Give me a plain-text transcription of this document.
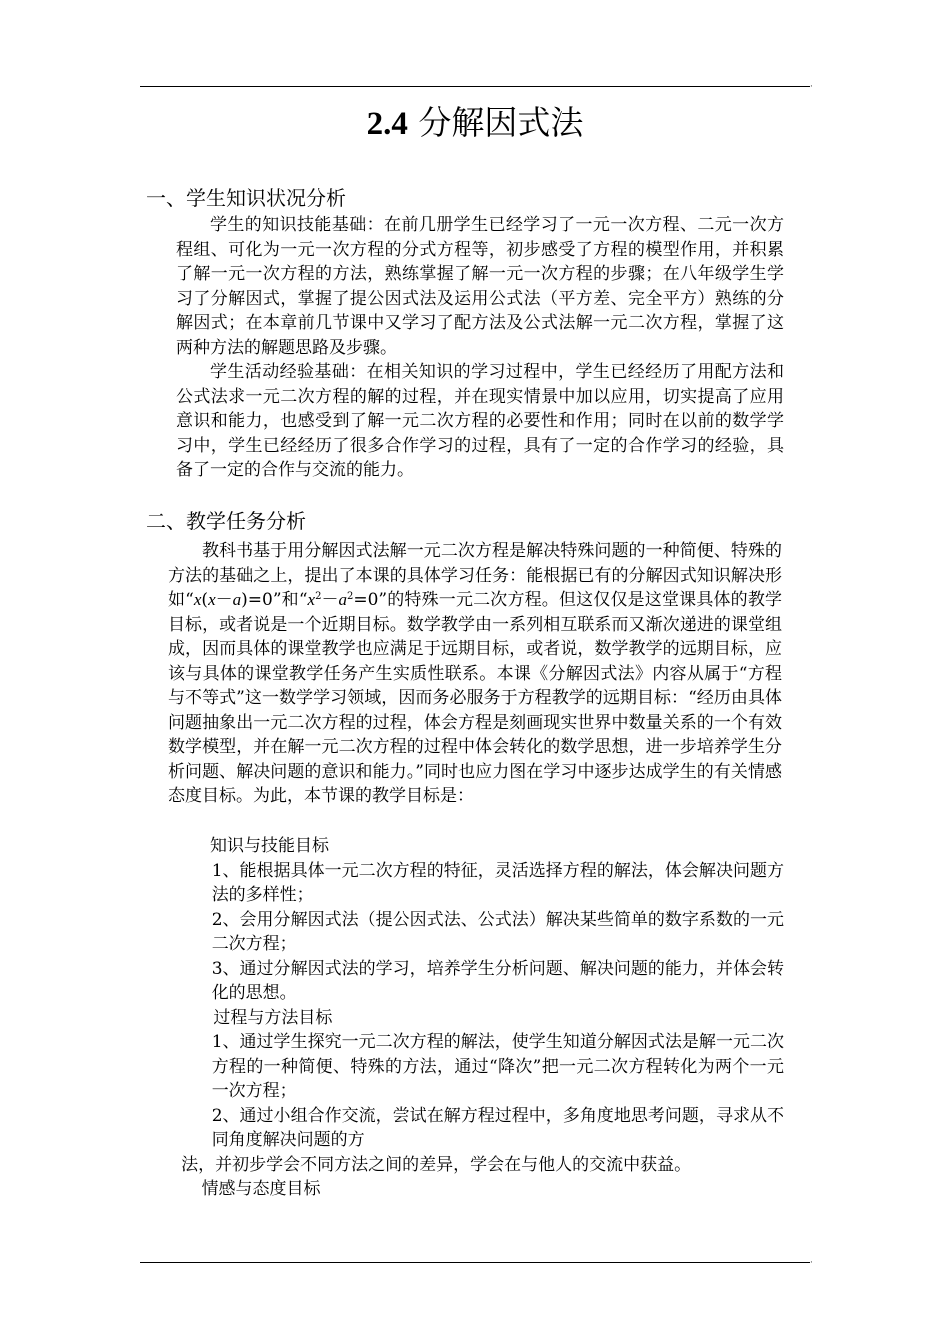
'
2.4 分解因式法
一、学生知识状况分析

学生的知识技能基础：在前几册学生已经学习了一元一次方程、二元一次方程组、可化为一元一次方程的分式方程等，初步感受了方程的模型作用，并积累了解一元一次方程的方法，熟练掌握了解一元一次方程的步骤；在八年级学生学习了分解因式，掌握了提公因式法及运用公式法（平方差、完全平方）熟练的分解因式；在本章前几节课中又学习了配方法及公式法解一元二次方程，掌握了这两种方法的解题思路及步骤。

学生活动经验基础：在相关知识的学习过程中，学生已经经历了用配方法和公式法求一元二次方程的解的过程，并在现实情景中加以应用，切实提高了应用意识和能力，也感受到了解一元二次方程的必要性和作用；同时在以前的数学学习中，学生已经经历了很多合作学习的过程，具有了一定的合作学习的经验，具备了一定的合作与交流的能力。

二、教学任务分析

教科书基于用分解因式法解一元二次方程是解决特殊问题的一种简便、特殊的方法的基础之上，提出了本课的具体学习任务：能根据已有的分解因式知识解决形如“x(x－a)=0”和“$x^2-a^2=0$”的特殊一元二次方程。但这仅仅是这堂课具体的教学目标，或者说是一个近期目标。数学教学由一系列相互联系而又渐次递进的课堂组成，因而具体的课堂教学也应满足于远期目标，或者说，数学教学的远期目标，应该与具体的课堂教学任务产生实质性联系。本课《分解因式法》内容从属于“方程与不等式”这一数学学习领域，因而务必服务于方程教学的远期目标：“经历由具体问题抽象出一元二次方程的过程，体会方程是刻画现实世界中数量关系的一个有效数学模型，并在解一元二次方程的过程中体会转化的数学思想，进一步培养学生分析问题、解决问题的意识和能力。”同时也应力图在学习中逐步达成学生的有关情感态度目标。为此，本节课的教学目标是：

知识与技能目标

1、能根据具体一元二次方程的特征，灵活选择方程的解法，体会解决问题方法的多样性；

2、会用分解因式法（提公因式法、公式法）解决某些简单的数字系数的一元二次方程；

3、通过分解因式法的学习，培养学生分析问题、解决问题的能力，并体会转化的思想。

过程与方法目标

1、通过学生探究一元二次方程的解法，使学生知道分解因式法是解一元二次方程的一种简便、特殊的方法，通过“降次”把一元二次方程转化为两个一元一次方程；

2、通过小组合作交流，尝试在解方程过程中，多角度地思考问题，寻求从不同角度解决问题的方

法，并初步学会不同方法之间的差异，学会在与他人的交流中获益。

情感与态度目标

'
